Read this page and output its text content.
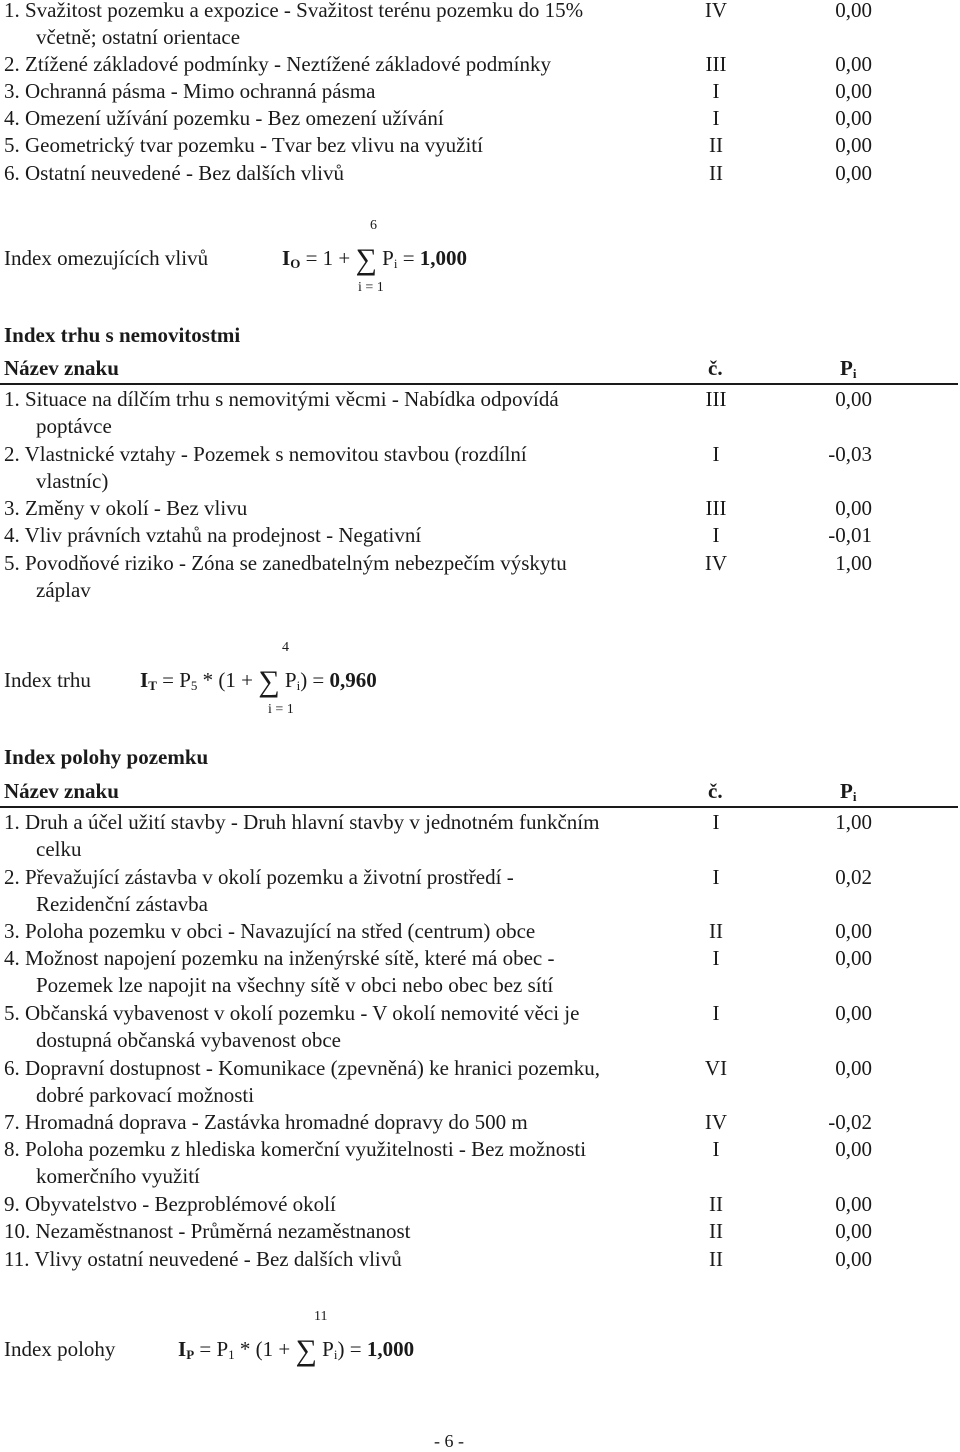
1. Svažitost pozemku a expozice - Svažitost terénu pozemku do 15%
včetně; ostatní orientace
IV	0,00
2. Ztížené základové podmínky - Neztížené základové podmínky	III	0,00
3. Ochranná pásma - Mimo ochranná pásma	I	0,00
4. Omezení užívání pozemku - Bez omezení užívání	I	0,00
5. Geometrický tvar pozemku - Tvar bez vlivu na využití	II	0,00
6. Ostatní neuvedené - Bez dalších vlivů	II	0,00
Index omezujících vlivů	$I_O = 1$ + ∑ $P_i = 1,000$
6
i = 1
Index trhu s nemovitostmi
Název znaku	č.	$P_i$
1. Situace na dílčím trhu s nemovitými věcmi - Nabídka odpovídá
poptávce
III	0,00
2. Vlastnické vztahy - Pozemek s nemovitou stavbou (rozdílní
vlastníc)
I	-0,03
3. Změny v okolí - Bez vlivu	III	0,00
4. Vliv právních vztahů na prodejnost - Negativní	I	-0,01
5. Povodňové riziko - Zóna se zanedbatelným nebezpečím výskytu
záplav
IV	1,00
Index trhu $I_T = P_5 * (1$ + ∑ $P_i) = 0,960$
4
i = 1
Index polohy pozemku
Název znaku	č.	$P_i$
1. Druh a účel užití stavby - Druh hlavní stavby v jednotném funkčním
celku
I	1,00
2. Převažující zástavba v okolí pozemku a životní prostředí -
Rezidenční zástavba
I	0,02
3. Poloha pozemku v obci - Navazující na střed (centrum) obce	II	0,00
4. Možnost napojení pozemku na inženýrské sítě, které má obec -
Pozemek lze napojit na všechny sítě v obci nebo obec bez sítí
I	0,00
5. Občanská vybavenost v okolí pozemku - V okolí nemovité věci je
dostupná občanská vybavenost obce
I	0,00
6. Dopravní dostupnost - Komunikace (zpevněná) ke hranici pozemku,
dobré parkovací možnosti
VI	0,00
7. Hromadná doprava - Zastávka hromadné dopravy do 500 m	IV	-0,02
8. Poloha pozemku z hlediska komerční využitelnosti - Bez možnosti
komerčního využití
I	0,00
9. Obyvatelstvo - Bezproblémové okolí	II	0,00
10. Nezaměstnanost - Průměrná nezaměstnanost	II	0,00
11. Vlivy ostatní neuvedené - Bez dalších vlivů	II	0,00
Index polohy	$I_P = P_1 * (1$ + ∑ $P_i) = 1,000$
11
- 6 -
